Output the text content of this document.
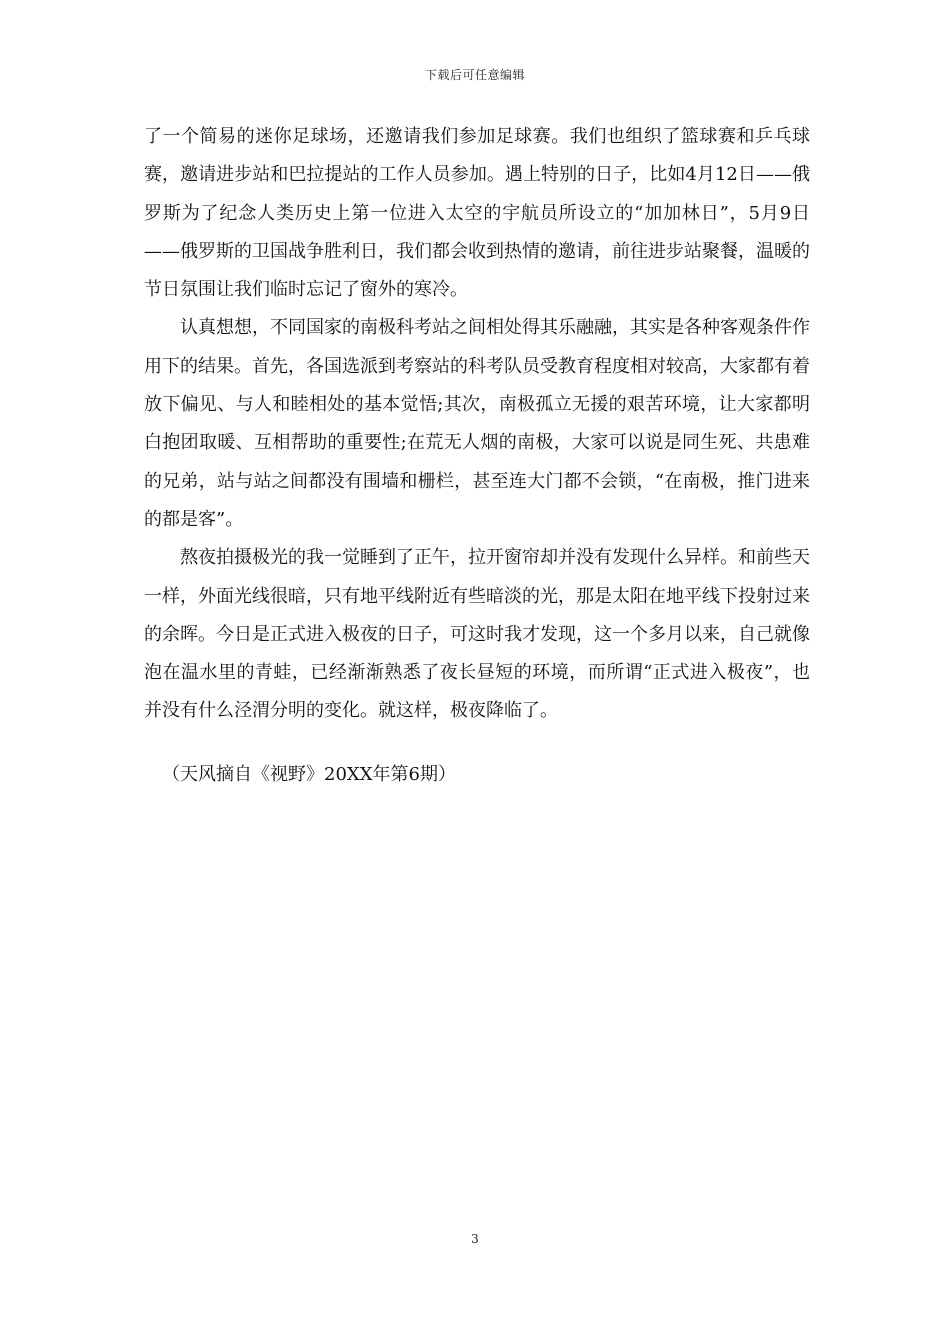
下载后可任意编辑

了一个简易的迷你足球场，还邀请我们参加足球赛。我们也组织了篮球赛和乒乓球赛，邀请进步站和巴拉提站的工作人员参加。遇上特别的日子，比如4月12日——俄罗斯为了纪念人类历史上第一位进入太空的宇航员所设立的“加加林日”，5月9日——俄罗斯的卫国战争胜利日，我们都会收到热情的邀请，前往进步站聚餐，温暖的节日氛围让我们临时忘记了窗外的寒冷。

认真想想，不同国家的南极科考站之间相处得其乐融融，其实是各种客观条件作用下的结果。首先，各国选派到考察站的科考队员受教育程度相对较高，大家都有着放下偏见、与人和睦相处的基本觉悟;其次，南极孤立无援的艰苦环境，让大家都明白抱团取暖、互相帮助的重要性;在荒无人烟的南极，大家可以说是同生死、共患难的兄弟，站与站之间都没有围墙和栅栏，甚至连大门都不会锁，“在南极，推门进来的都是客”。

熬夜拍摄极光的我一觉睡到了正午，拉开窗帘却并没有发现什么异样。和前些天一样，外面光线很暗，只有地平线附近有些暗淡的光，那是太阳在地平线下投射过来的余晖。今日是正式进入极夜的日子，可这时我才发现，这一个多月以来，自己就像泡在温水里的青蛙，已经渐渐熟悉了夜长昼短的环境，而所谓“正式进入极夜”，也并没有什么泾渭分明的变化。就这样，极夜降临了。

（天风摘自《视野》20XX年第6期）
3
